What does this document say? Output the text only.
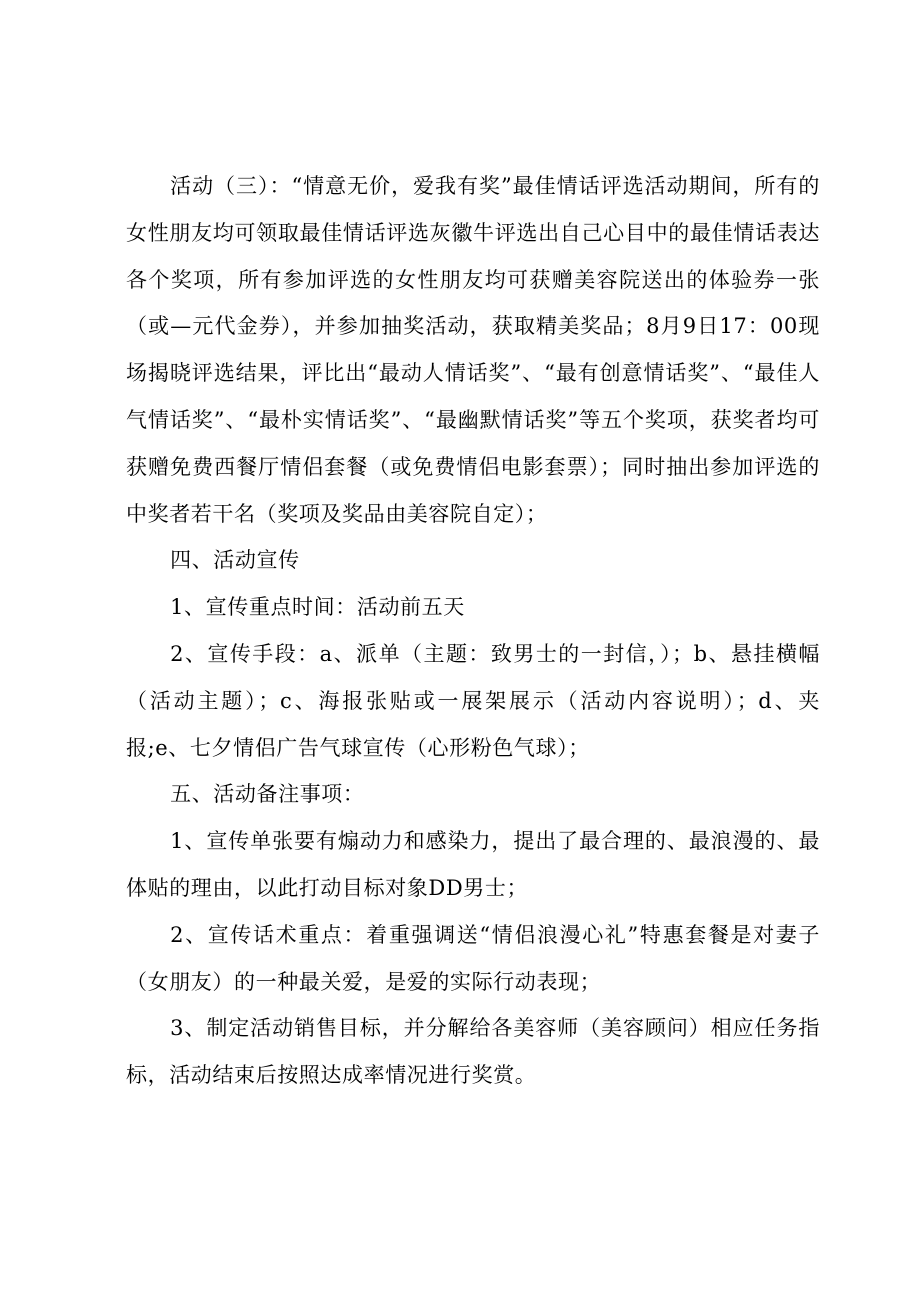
活动（三）：“情意无价，爱我有奖”最佳情话评选活动期间，所有的女性朋友均可领取最佳情话评选灰徽牛评选出自己心目中的最佳情话表达各个奖项，所有参加评选的女性朋友均可获赠美容院送出的体验券一张（或—元代金券），并参加抽奖活动，获取精美奖品；8月9日17：00现场揭晓评选结果，评比出“最动人情话奖”、“最有创意情话奖”、“最佳人气情话奖”、“最朴实情话奖”、“最幽默情话奖”等五个奖项，获奖者均可获赠免费西餐厅情侣套餐（或免费情侣电影套票）；同时抽出参加评选的中奖者若干名（奖项及奖品由美容院自定）；

四、活动宣传

1、宣传重点时间：活动前五天

2、宣传手段：a、派单（主题：致男士的一封信，）；b、悬挂横幅（活动主题）；c、海报张贴或一展架展示（活动内容说明）；d、夹报;e、七夕情侣广告气球宣传（心形粉色气球）；

五、活动备注事项：

1、宣传单张要有煽动力和感染力，提出了最合理的、最浪漫的、最体贴的理由，以此打动目标对象DD男士；

2、宣传话术重点：着重强调送“情侣浪漫心礼”特惠套餐是对妻子（女朋友）的一种最关爱，是爱的实际行动表现；

3、制定活动销售目标，并分解给各美容师（美容顾问）相应任务指标，活动结束后按照达成率情况进行奖赏。
